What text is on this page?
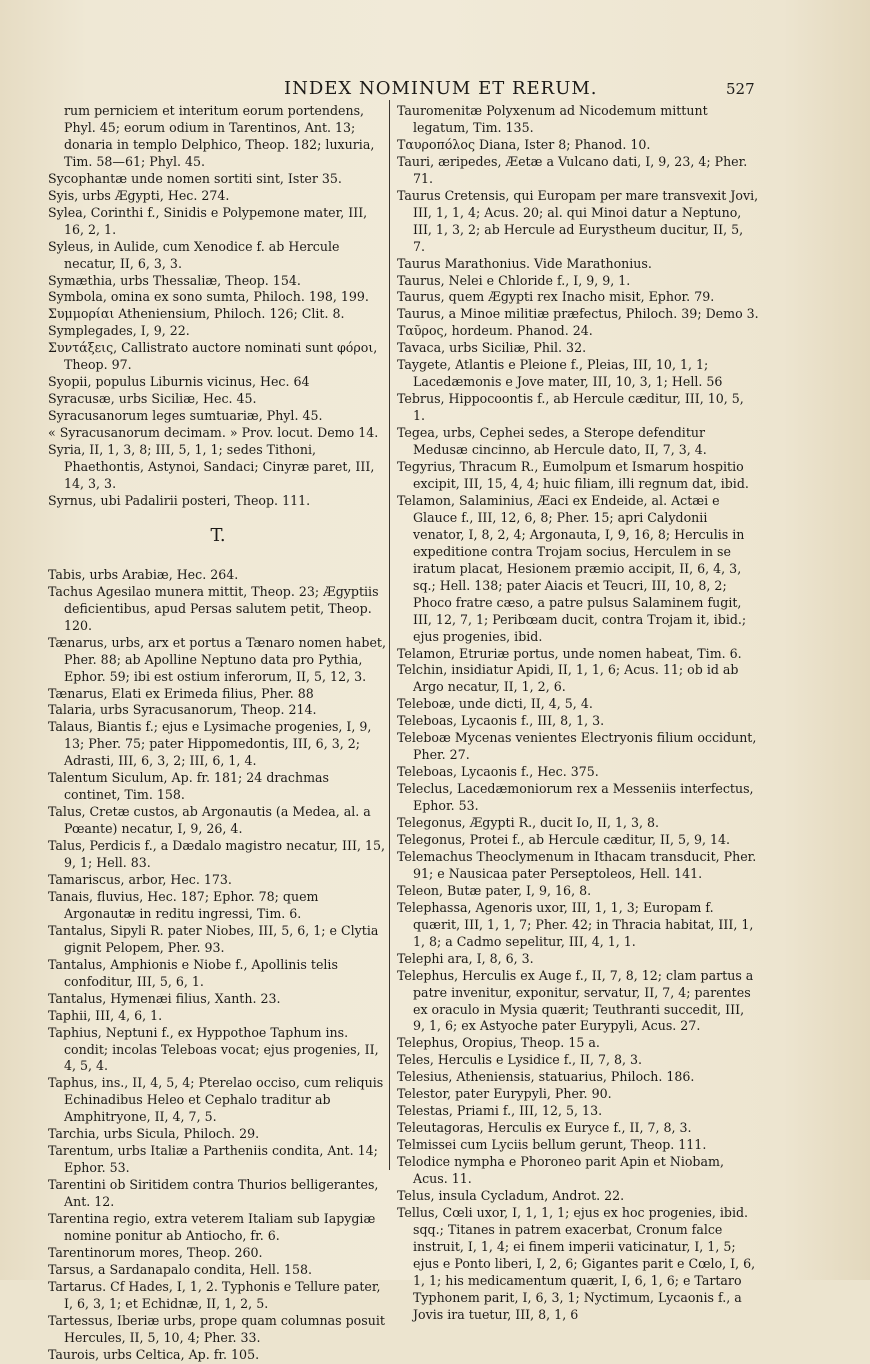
INDEX NOMINUM ET RERUM.	527

rum perniciem et interitum eorum portendens, Phyl. 45; eorum odium in Tarentinos, Ant. 13; donaria in templo Delphico, Theop. 182; luxuria, Tim. 58—61; Phyl. 45.

Sycophantæ unde nomen sortiti sint, Ister 35.

Syis, urbs Ægypti, Hec. 274.

Sylea, Corinthi f., Sinidis e Polypemone mater, III, 16, 2, 1.

Syleus, in Aulide, cum Xenodice f. ab Hercule necatur, II, 6, 3, 3.

Symæthia, urbs Thessaliæ, Theop. 154.

Symbola, omina ex sono sumta, Philoch. 198, 199.

Συμμορίαι Atheniensium, Philoch. 126; Clit. 8.

Symplegades, I, 9, 22.

Συντάξεις, Callistrato auctore nominati sunt φόροι, Theop. 97.

Syopii, populus Liburnis vicinus, Hec. 64

Syracusæ, urbs Siciliæ, Hec. 45.

Syracusanorum leges sumtuariæ, Phyl. 45.

« Syracusanorum decimam. » Prov. locut. Demo 14.

Syria, II, 1, 3, 8; III, 5, 1, 1; sedes Tithoni, Phaethontis, Astynoi, Sandaci; Cinyræ paret, III, 14, 3, 3.

Syrnus, ubi Padalirii posteri, Theop. 111.

T.

Tabis, urbs Arabiæ, Hec. 264.

Tachus Agesilao munera mittit, Theop. 23; Ægyptiis deficientibus, apud Persas salutem petit, Theop. 120.

Tænarus, urbs, arx et portus a Tænaro nomen habet, Pher. 88; ab Apolline Neptuno data pro Pythia, Ephor. 59; ibi est ostium inferorum, II, 5, 12, 3.

Tænarus, Elati ex Erimeda filius, Pher. 88

Talaria, urbs Syracusanorum, Theop. 214.

Talaus, Biantis f.; ejus e Lysimache progenies, I, 9, 13; Pher. 75; pater Hippomedontis, III, 6, 3, 2; Adrasti, III, 6, 3, 2; III, 6, 1, 4.

Talentum Siculum, Ap. fr. 181; 24 drachmas continet, Tim. 158.

Talus, Cretæ custos, ab Argonautis (a Medea, al. a Pœante) necatur, I, 9, 26, 4.

Talus, Perdicis f., a Dædalo magistro necatur, III, 15, 9, 1; Hell. 83.

Tamariscus, arbor, Hec. 173.

Tanais, fluvius, Hec. 187; Ephor. 78; quem Argonautæ in reditu ingressi, Tim. 6.

Tantalus, Sipyli R. pater Niobes, III, 5, 6, 1; e Clytia gignit Pelopem, Pher. 93.

Tantalus, Amphionis e Niobe f., Apollinis telis confoditur, III, 5, 6, 1.

Tantalus, Hymenæi filius, Xanth. 23.

Taphii, III, 4, 6, 1.

Taphius, Neptuni f., ex Hyppothoe Taphum ins. condit; incolas Teleboas vocat; ejus progenies, II, 4, 5, 4.

Taphus, ins., II, 4, 5, 4; Pterelao occiso, cum reliquis Echinadibus Heleo et Cephalo traditur ab Amphitryone, II, 4, 7, 5.

Tarchia, urbs Sicula, Philoch. 29.

Tarentum, urbs Italiæ a Partheniis condita, Ant. 14; Ephor. 53.

Tarentini ob Siritidem contra Thurios belligerantes, Ant. 12.

Tarentina regio, extra veterem Italiam sub Iapygiæ nomine ponitur ab Antiocho, fr. 6.

Tarentinorum mores, Theop. 260.

Tarsus, a Sardanapalo condita, Hell. 158.

Tartarus. Cf Hades, I, 1, 2. Typhonis e Tellure pater, I, 6, 3, 1; et Echidnæ, II, 1, 2, 5.

Tartessus, Iberiæ urbs, prope quam columnas posuit Hercules, II, 5, 10, 4; Pher. 33.

Taurois, urbs Celtica, Ap. fr. 105.

Tauromenitæ Polyxenum ad Nicodemum mittunt legatum, Tim. 135.

Ταυροπόλος Diana, Ister 8; Phanod. 10.

Tauri, æripedes, Æetæ a Vulcano dati, I, 9, 23, 4; Pher. 71.

Taurus Cretensis, qui Europam per mare transvexit Jovi, III, 1, 1, 4; Acus. 20; al. qui Minoi datur a Neptuno, III, 1, 3, 2; ab Hercule ad Eurystheum ducitur, II, 5, 7.

Taurus Marathonius. Vide Marathonius.

Taurus, Nelei e Chloride f., I, 9, 9, 1.

Taurus, quem Ægypti rex Inacho misit, Ephor. 79.

Taurus, a Minoe militiæ præfectus, Philoch. 39; Demo 3.

Ταῦρος, hordeum. Phanod. 24.

Tavaca, urbs Siciliæ, Phil. 32.

Taygete, Atlantis e Pleione f., Pleias, III, 10, 1, 1; Lacedæmonis e Jove mater, III, 10, 3, 1; Hell. 56

Tebrus, Hippocoontis f., ab Hercule cæditur, III, 10, 5, 1.

Tegea, urbs, Cephei sedes, a Sterope defenditur Medusæ cincinno, ab Hercule dato, II, 7, 3, 4.

Tegyrius, Thracum R., Eumolpum et Ismarum hospitio excipit, III, 15, 4, 4; huic filiam, illi regnum dat, ibid.

Telamon, Salaminius, Æaci ex Endeide, al. Actæi e Glauce f., III, 12, 6, 8; Pher. 15; apri Calydonii venator, I, 8, 2, 4; Argonauta, I, 9, 16, 8; Herculis in expeditione contra Trojam socius, Herculem in se iratum placat, Hesionem præmio accipit, II, 6, 4, 3, sq.; Hell. 138; pater Aiacis et Teucri, III, 10, 8, 2; Phoco fratre cæso, a patre pulsus Salaminem fugit, III, 12, 7, 1; Peribœam ducit, contra Trojam it, ibid.; ejus progenies, ibid.

Telamon, Etruriæ portus, unde nomen habeat, Tim. 6.

Telchin, insidiatur Apidi, II, 1, 1, 6; Acus. 11; ob id ab Argo necatur, II, 1, 2, 6.

Teleboæ, unde dicti, II, 4, 5, 4.

Teleboas, Lycaonis f., III, 8, 1, 3.

Teleboæ Mycenas venientes Electryonis filium occidunt, Pher. 27.

Teleboas, Lycaonis f., Hec. 375.

Teleclus, Lacedæmoniorum rex a Messeniis interfectus, Ephor. 53.

Telegonus, Ægypti R., ducit Io, II, 1, 3, 8.

Telegonus, Protei f., ab Hercule cæditur, II, 5, 9, 14.

Telemachus Theoclymenum in Ithacam transducit, Pher. 91; e Nausicaa pater Perseptoleos, Hell. 141.

Teleon, Butæ pater, I, 9, 16, 8.

Telephassa, Agenoris uxor, III, 1, 1, 3; Europam f. quærit, III, 1, 1, 7; Pher. 42; in Thracia habitat, III, 1, 1, 8; a Cadmo sepelitur, III, 4, 1, 1.

Telephi ara, I, 8, 6, 3.

Telephus, Herculis ex Auge f., II, 7, 8, 12; clam partus a patre invenitur, exponitur, servatur, II, 7, 4; parentes ex oraculo in Mysia quærit; Teuthranti succedit, III, 9, 1, 6; ex Astyoche pater Eurypyli, Acus. 27.

Telephus, Oropius, Theop. 15 a.

Teles, Herculis e Lysidice f., II, 7, 8, 3.

Telesius, Atheniensis, statuarius, Philoch. 186.

Telestor, pater Eurypyli, Pher. 90.

Telestas, Priami f., III, 12, 5, 13.

Teleutagoras, Herculis ex Euryce f., II, 7, 8, 3.

Telmissei cum Lyciis bellum gerunt, Theop. 111.

Telodice nympha e Phoroneo parit Apin et Niobam, Acus. 11.

Telus, insula Cycladum, Androt. 22.

Tellus, Cœli uxor, I, 1, 1, 1; ejus ex hoc progenies, ibid. sqq.; Titanes in patrem exacerbat, Cronum falce instruit, I, 1, 4; ei finem imperii vaticinatur, I, 1, 5; ejus e Ponto liberi, I, 2, 6; Gigantes parit e Cœlo, I, 6, 1, 1; his medicamentum quærit, I, 6, 1, 6; e Tartaro Typhonem parit, I, 6, 3, 1; Nyctimum, Lycaonis f., a Jovis ira tuetur, III, 8, 1, 6
